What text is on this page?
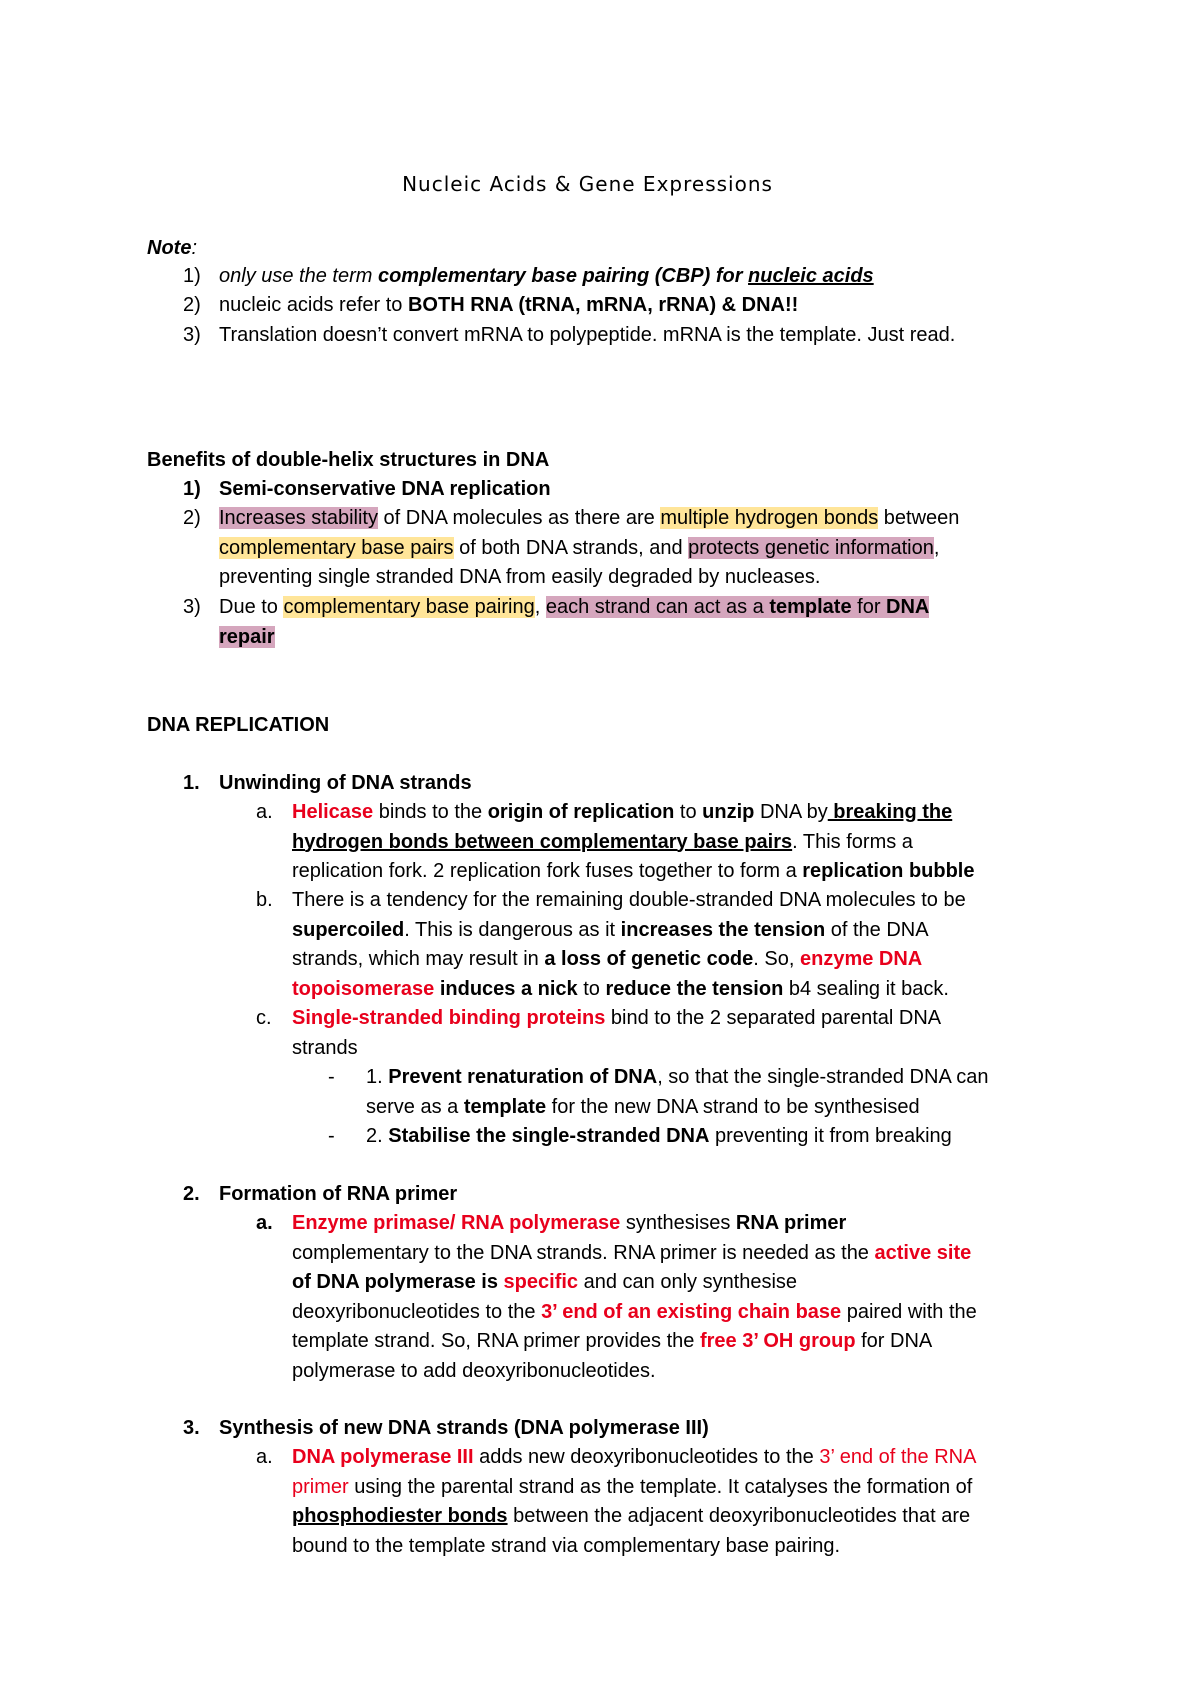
Nucleic Acids & Gene Expressions
Note:
1) only use the term complementary base pairing (CBP) for nucleic acids
2) nucleic acids refer to BOTH RNA (tRNA, mRNA, rRNA) & DNA!!
3) Translation doesn’t convert mRNA to polypeptide. mRNA is the template. Just read.
Benefits of double-helix structures in DNA
1) Semi-conservative DNA replication
2) Increases stability of DNA molecules as there are multiple hydrogen bonds between
complementary base pairs of both DNA strands, and protects genetic information,
preventing single stranded DNA from easily degraded by nucleases.
3) Due to complementary base pairing, each strand can act as a template for DNA
repair
DNA REPLICATION
1. Unwinding of DNA strands
a. Helicase binds to the origin of replication to unzip DNA by breaking the
hydrogen bonds between complementary base pairs. This forms a
replication fork. 2 replication fork fuses together to form a replication bubble
b. There is a tendency for the remaining double-stranded DNA molecules to be
supercoiled. This is dangerous as it increases the tension of the DNA
strands, which may result in a loss of genetic code. So, enzyme DNA
topoisomerase induces a nick to reduce the tension b4 sealing it back.
c. Single-stranded binding proteins bind to the 2 separated parental DNA
strands
- 1. Prevent renaturation of DNA, so that the single-stranded DNA can
serve as a template for the new DNA strand to be synthesised
- 2. Stabilise the single-stranded DNA preventing it from breaking
2. Formation of RNA primer
a. Enzyme primase/ RNA polymerase synthesises RNA primer
complementary to the DNA strands. RNA primer is needed as the active site
of DNA polymerase is specific and can only synthesise
deoxyribonucleotides to the 3’ end of an existing chain base paired with the
template strand. So, RNA primer provides the free 3’ OH group for DNA
polymerase to add deoxyribonucleotides.
3. Synthesis of new DNA strands (DNA polymerase III)
a. DNA polymerase III adds new deoxyribonucleotides to the 3’ end of the RNA
primer using the parental strand as the template. It catalyses the formation of
phosphodiester bonds between the adjacent deoxyribonucleotides that are
bound to the template strand via complementary base pairing.
